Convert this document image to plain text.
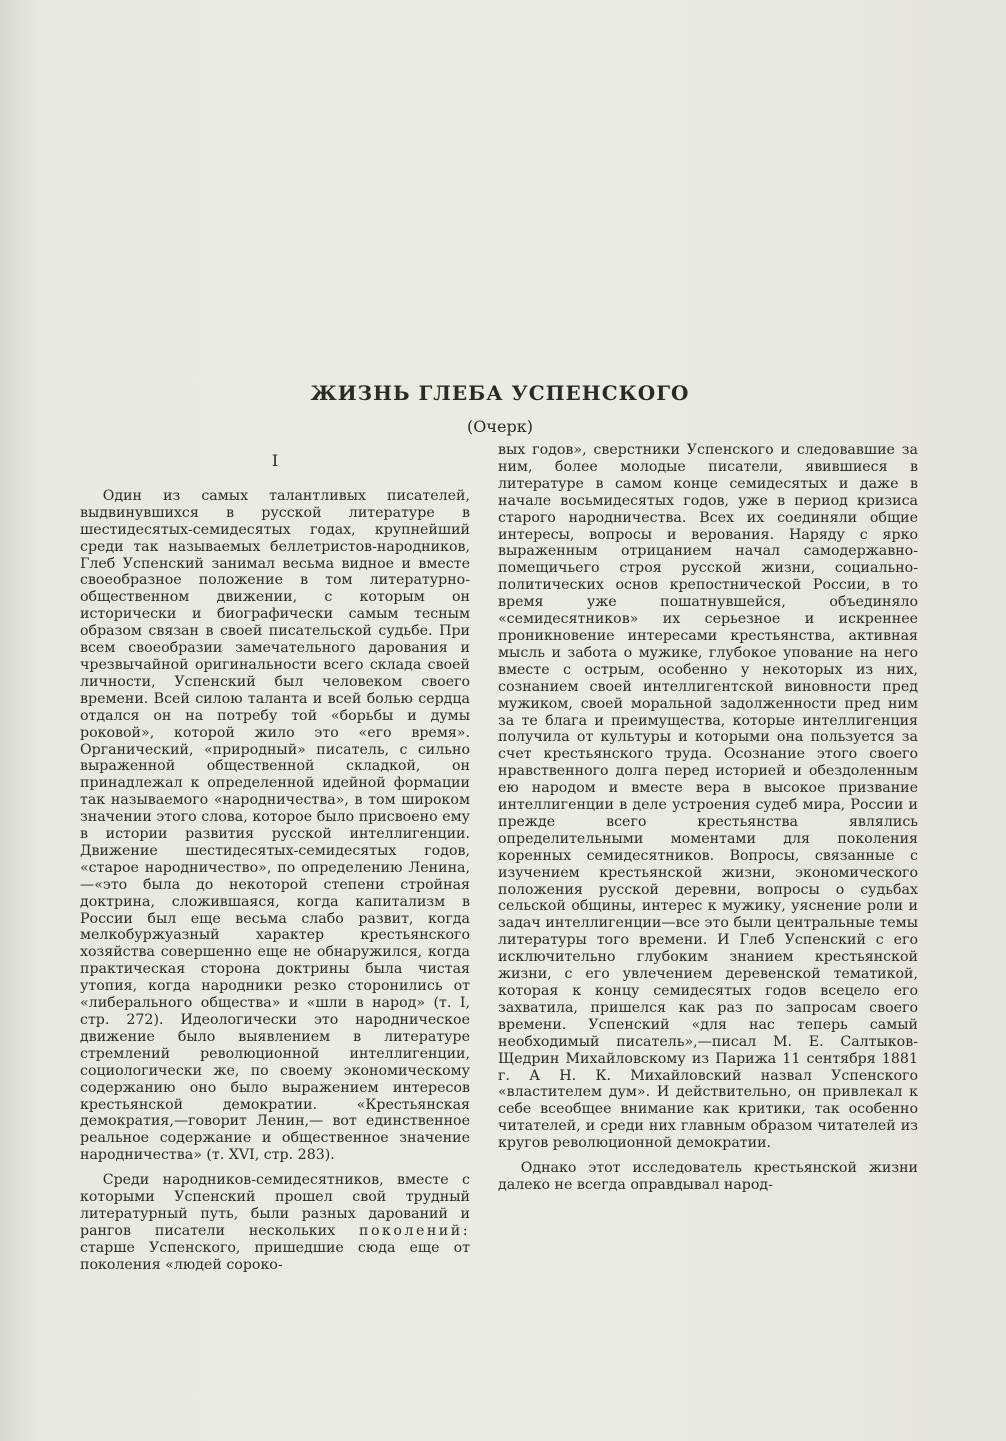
ЖИЗНЬ ГЛЕБА УСПЕНСКОГО
(Очерк)
I

Один из самых талантливых писателей, выдвинувшихся в русской литературе в шестидесятых-семидесятых годах, крупнейший среди так называемых беллетристов-народников, Глеб Успенский занимал весьма видное и вместе своеобразное положение в том литературно-общественном движении, с которым он исторически и биографически самым тесным образом связан в своей писательской судьбе. При всем своеобразии замечательного дарования и чрезвычайной оригинальности всего склада своей личности, Успенский был человеком своего времени. Всей силою таланта и всей болью сердца отдался он на потребу той «борьбы и думы роковой», которой жило это «его время». Органический, «природный» писатель, с сильно выраженной общественной складкой, он принадлежал к определенной идейной формации так называемого «народничества», в том широком значении этого слова, которое было присвоено ему в истории развития русской интеллигенции. Движение шестидесятых-семидесятых годов, «старое народничество», по определению Ленина,—«это была до некоторой степени стройная доктрина, сложившаяся, когда капитализм в России был еще весьма слабо развит, когда мелкобуржуазный характер крестьянского хозяйства совершенно еще не обнаружился, когда практическая сторона доктрины была чистая утопия, когда народники резко сторонились от «либерального общества» и «шли в народ» (т. I, стр. 272). Идеологически это народническое движение было выявлением в литературе стремлений революционной интеллигенции, социологически же, по своему экономическому содержанию оно было выражением интересов крестьянской демократии. «Крестьянская демократия,—говорит Ленин,— вот единственное реальное содержание и общественное значение народничества» (т. XVI, стр. 283).

Среди народников-семидесятников, вместе с которыми Успенский прошел свой трудный литературный путь, были разных дарований и рангов писатели нескольких поколений: старше Успенского, пришедшие сюда еще от поколения «людей сороко-

вых годов», сверстники Успенского и следовавшие за ним, более молодые писатели, явившиеся в литературе в самом конце семидесятых и даже в начале восьмидесятых годов, уже в период кризиса старого народничества. Всех их соединяли общие интересы, вопросы и верования. Наряду с ярко выраженным отрицанием начал самодержавно-помещичьего строя русской жизни, социально-политических основ крепостнической России, в то время уже пошатнувшейся, объединяло «семидесятников» их серьезное и искреннее проникновение интересами крестьянства, активная мысль и забота о мужике, глубокое упование на него вместе с острым, особенно у некоторых из них, сознанием своей интеллигентской виновности пред мужиком, своей моральной задолженности пред ним за те блага и преимущества, которые интеллигенция получила от культуры и которыми она пользуется за счет крестьянского труда. Осознание этого своего нравственного долга перед историей и обездоленным ею народом и вместе вера в высокое призвание интеллигенции в деле устроения судеб мира, России и прежде всего крестьянства являлись определительными моментами для поколения коренных семидесятников. Вопросы, связанные с изучением крестьянской жизни, экономического положения русской деревни, вопросы о судьбах сельской общины, интерес к мужику, уяснение роли и задач интеллигенции—все это были центральные темы литературы того времени. И Глеб Успенский с его исключительно глубоким знанием крестьянской жизни, с его увлечением деревенской тематикой, которая к концу семидесятых годов всецело его захватила, пришелся как раз по запросам своего времени. Успенский «для нас теперь самый необходимый писатель»,—писал М. Е. Салтыков-Щедрин Михайловскому из Парижа 11 сентября 1881 г. А Н. К. Михайловский назвал Успенского «властителем дум». И действительно, он привлекал к себе всеобщее внимание как критики, так особенно читателей, и среди них главным образом читателей из кругов революционной демократии.

Однако этот исследователь крестьянской жизни далеко не всегда оправдывал народ-
